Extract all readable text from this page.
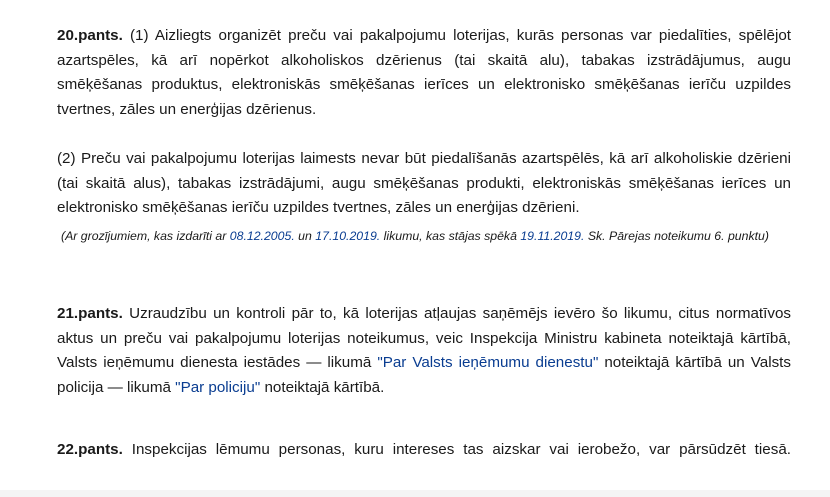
20.pants. (1) Aizliegts organizēt preču vai pakalpojumu loterijas, kurās personas var piedalīties, spēlējot azartspēles, kā arī nopērkot alkoholiskos dzērienus (tai skaitā alu), tabakas izstrādājumus, augu smēķēšanas produktus, elektroniskās smēķēšanas ierīces un elektronisko smēķēšanas ierīču uzpildes tvertnes, zāles un enerģijas dzērienus.
(2) Preču vai pakalpojumu loterijas laimests nevar būt piedalīšanās azartspēlēs, kā arī alkoholiskie dzērieni (tai skaitā alus), tabakas izstrādājumi, augu smēķēšanas produkti, elektroniskās smēķēšanas ierīces un elektronisko smēķēšanas ierīču uzpildes tvertnes, zāles un enerģijas dzērieni.
(Ar grozījumiem, kas izdarīti ar 08.12.2005. un 17.10.2019. likumu, kas stājas spēkā 19.11.2019. Sk. Pārejas noteikumu 6. punktu)
21.pants. Uzraudzību un kontroli pār to, kā loterijas atļaujas saņēmējs ievēro šo likumu, citus normatīvos aktus un preču vai pakalpojumu loterijas noteikumus, veic Inspekcija Ministru kabineta noteiktajā kārtībā, Valsts ieņēmumu dienesta iestādes — likumā "Par Valsts ieņēmumu dienestu" noteiktajā kārtībā un Valsts policija — likumā "Par policiju" noteiktajā kārtībā.
22.pants. Inspekcijas lēmumu personas, kuru intereses tas aizskar vai ierobežo, var pārsūdzēt tiesā.
